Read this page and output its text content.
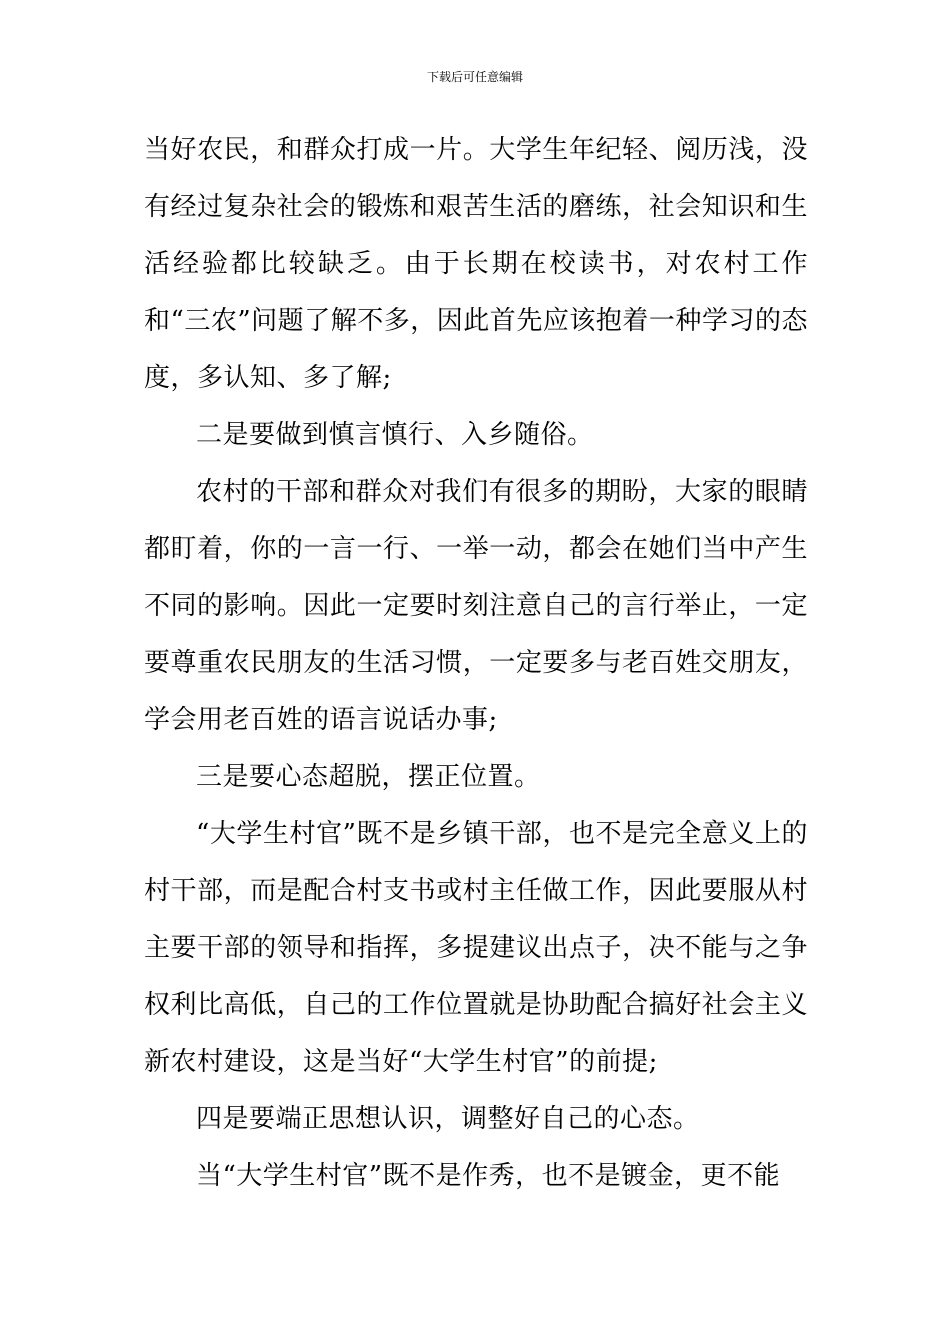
下载后可任意编辑

当好农民，和群众打成一片。大学生年纪轻、阅历浅，没有经过复杂社会的锻炼和艰苦生活的磨练，社会知识和生活经验都比较缺乏。由于长期在校读书，对农村工作和“三农”问题了解不多，因此首先应该抱着一种学习的态度，多认知、多了解;

二是要做到慎言慎行、入乡随俗。

农村的干部和群众对我们有很多的期盼，大家的眼睛都盯着，你的一言一行、一举一动，都会在她们当中产生不同的影响。因此一定要时刻注意自己的言行举止，一定要尊重农民朋友的生活习惯，一定要多与老百姓交朋友，学会用老百姓的语言说话办事;

三是要心态超脱，摆正位置。

“大学生村官”既不是乡镇干部，也不是完全意义上的村干部，而是配合村支书或村主任做工作，因此要服从村主要干部的领导和指挥，多提建议出点子，决不能与之争权利比高低，自己的工作位置就是协助配合搞好社会主义新农村建设，这是当好“大学生村官”的前提;

四是要端正思想认识，调整好自己的心态。

当“大学生村官”既不是作秀，也不是镀金，更不能
